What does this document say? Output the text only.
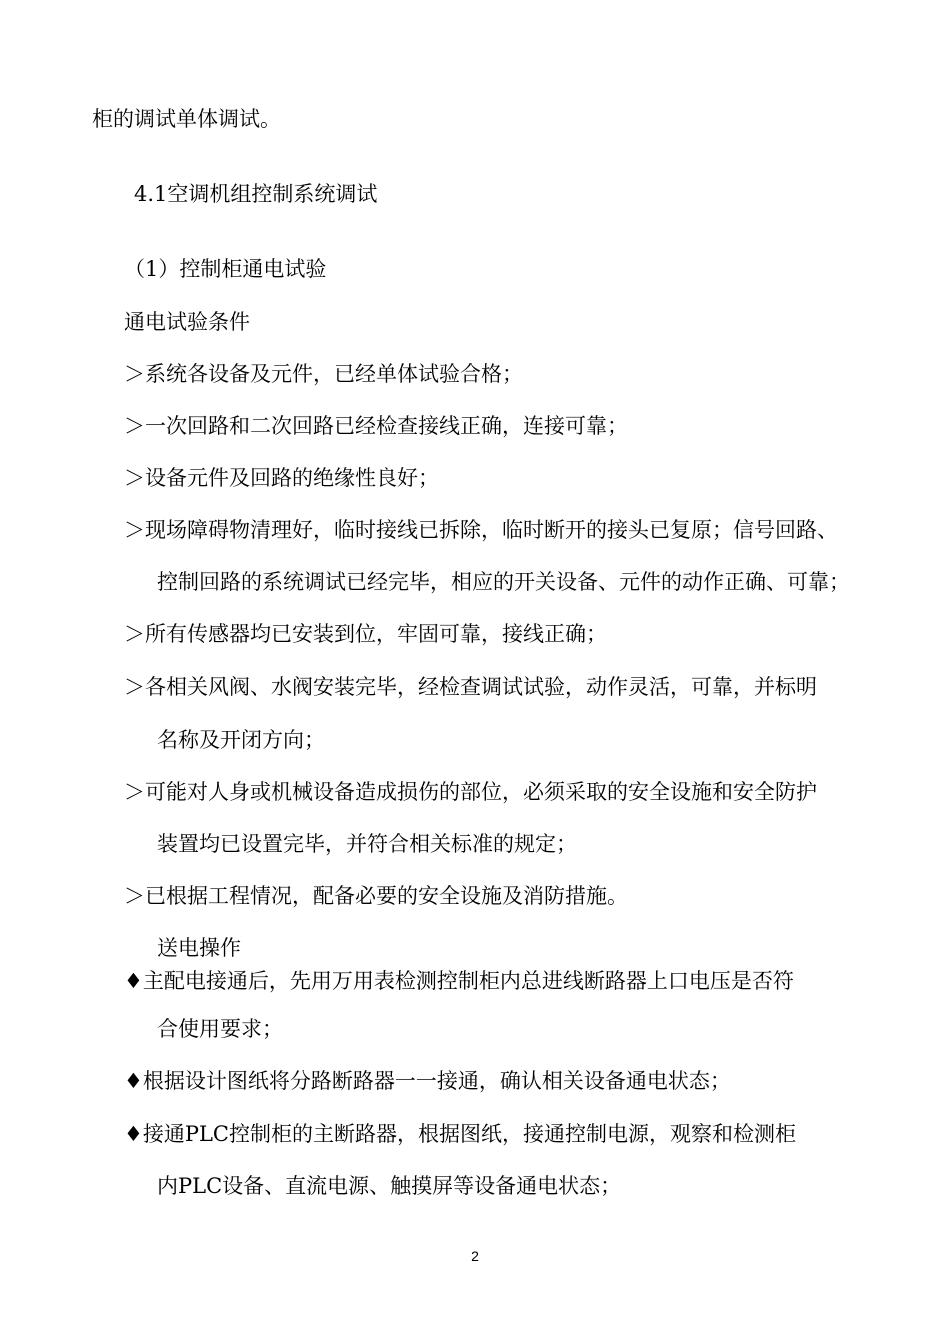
柜的调试单体调试。
4.1空调机组控制系统调试
（1）控制柜通电试验
通电试验条件
＞系统各设备及元件，已经单体试验合格；
＞一次回路和二次回路已经检查接线正确，连接可靠；
＞设备元件及回路的绝缘性良好；
＞现场障碍物清理好，临时接线已拆除，临时断开的接头已复原；信号回路、
控制回路的系统调试已经完毕，相应的开关设备、元件的动作正确、可靠；
＞所有传感器均已安装到位，牢固可靠，接线正确；
＞各相关风阀、水阀安装完毕，经检查调试试验，动作灵活，可靠，并标明
名称及开闭方向；
＞可能对人身或机械设备造成损伤的部位，必须采取的安全设施和安全防护
装置均已设置完毕，并符合相关标准的规定；
＞已根据工程情况，配备必要的安全设施及消防措施。
送电操作
♦主配电接通后，先用万用表检测控制柜内总进线断路器上口电压是否符
合使用要求；
♦根据设计图纸将分路断路器一一接通，确认相关设备通电状态；
♦接通PLC控制柜的主断路器，根据图纸，接通控制电源，观察和检测柜
内PLC设备、直流电源、触摸屏等设备通电状态；
2
